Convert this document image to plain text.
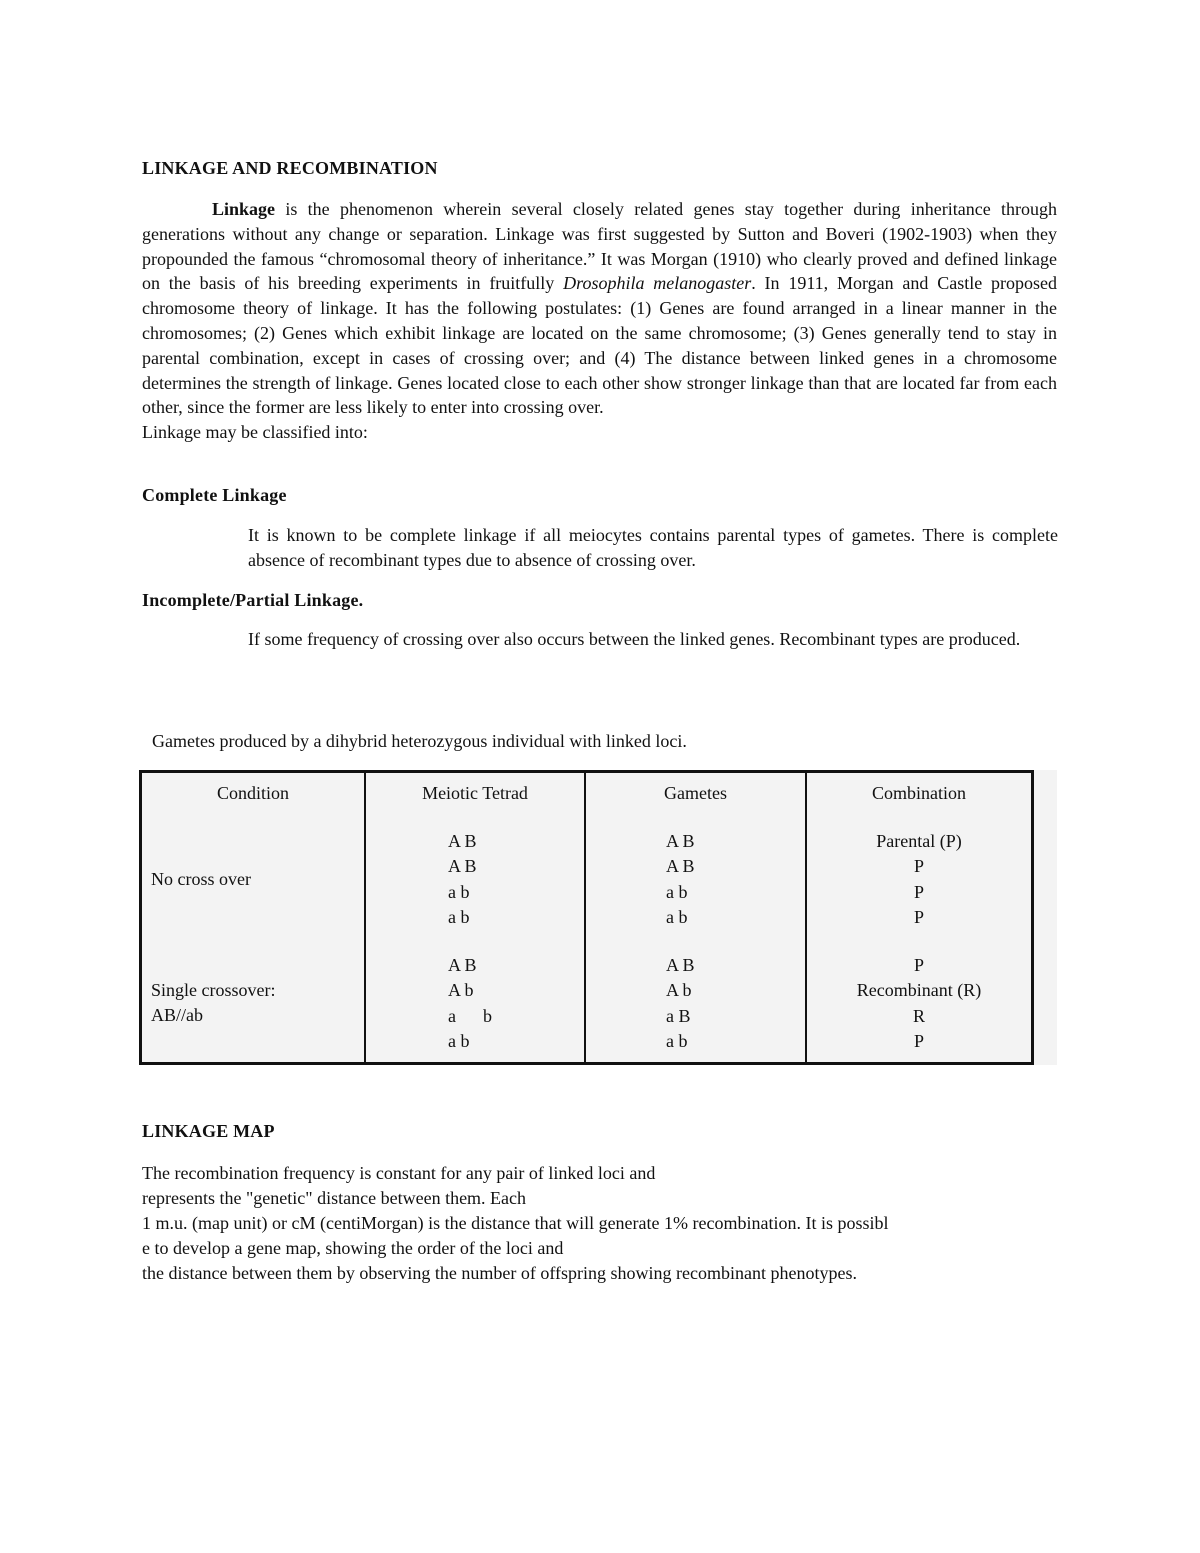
LINKAGE AND RECOMBINATION
Linkage is the phenomenon wherein several closely related genes stay together during inheritance through generations without any change or separation. Linkage was first suggested by Sutton and Boveri (1902-1903) when they propounded the famous “chromosomal theory of inheritance.” It was Morgan (1910) who clearly proved and defined linkage on the basis of his breeding experiments in fruitfully Drosophila melanogaster. In 1911, Morgan and Castle proposed chromosome theory of linkage. It has the following postulates: (1) Genes are found arranged in a linear manner in the chromosomes; (2) Genes which exhibit linkage are located on the same chromosome; (3) Genes generally tend to stay in parental combination, except in cases of crossing over; and (4) The distance between linked genes in a chromosome determines the strength of linkage. Genes located close to each other show stronger linkage than that are located far from each other, since the former are less likely to enter into crossing over.
Linkage may be classified into:
Complete Linkage
It is known to be complete linkage if all meiocytes contains parental types of gametes. There is complete absence of recombinant types due to absence of crossing over.
Incomplete/Partial Linkage.
If some frequency of crossing over also occurs between the linked genes. Recombinant types are produced.
Gametes produced by a dihybrid heterozygous individual with linked loci.
Condition
No cross over
Single crossover:
AB//ab
Meiotic Tetrad
A B
A B
a b
a b
A B
A b
a      b
a b
Gametes
A B
A B
a b
a b
A B
A b
a B
a b
Combination
Parental (P)
P
P
P
P
Recombinant (R)
R
P
LINKAGE MAP
The recombination frequency is constant for any pair of linked loci and
represents the "genetic" distance between them. Each
1 m.u. (map unit) or cM (centiMorgan) is the distance that will generate 1% recombination. It is possibl
e to develop a gene map, showing the order of the loci and
the distance between them by observing the number of offspring showing recombinant phenotypes.
